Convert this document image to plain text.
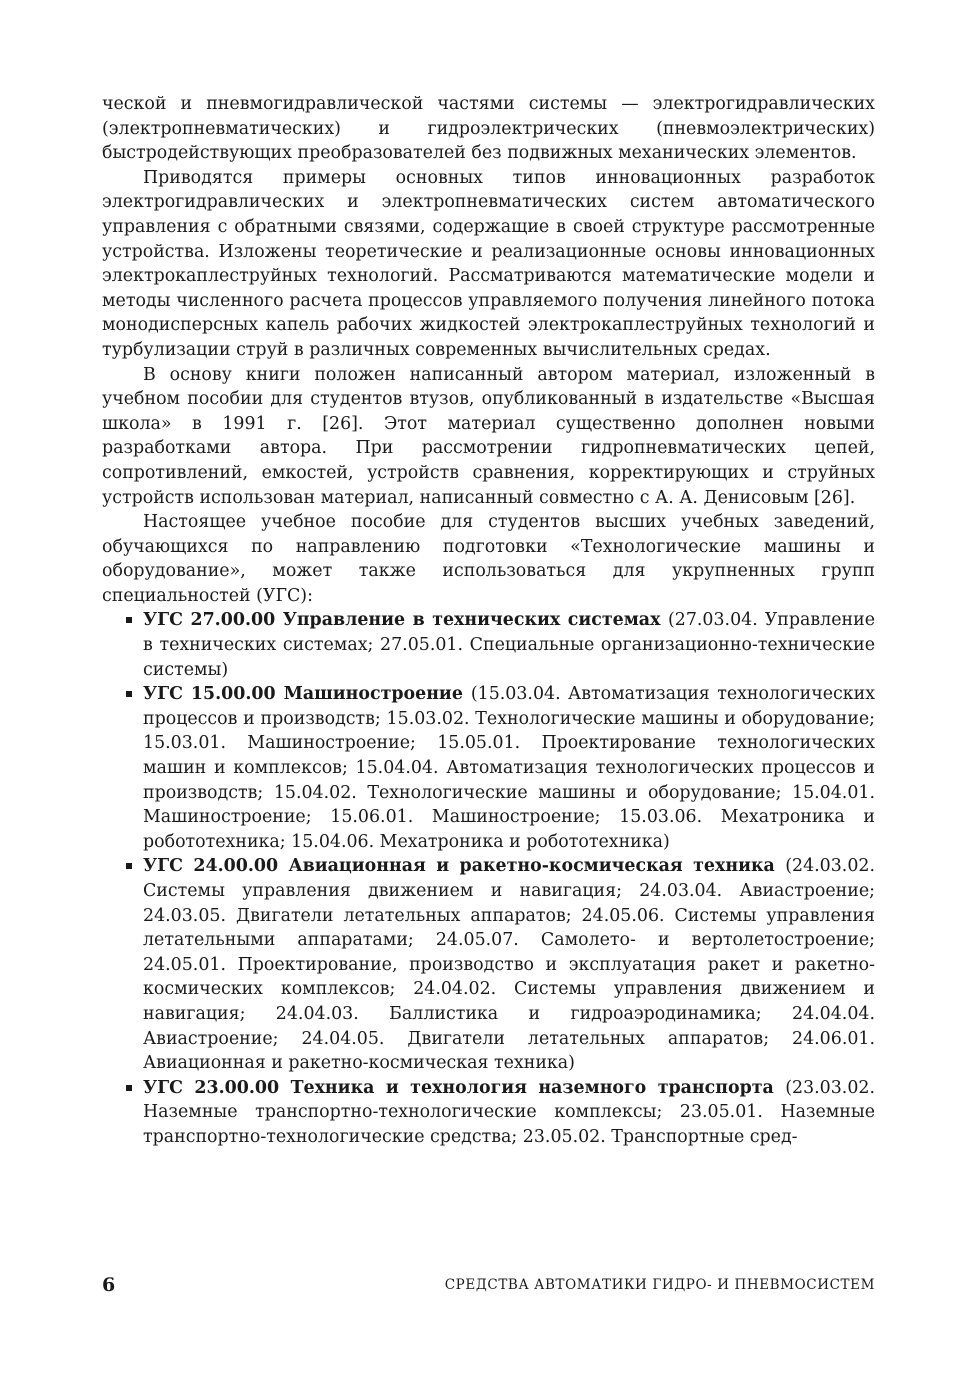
ческой и пневмогидравлической частями системы — электрогидравлических (электропневматических) и гидроэлектрических (пневмоэлектрических) быстродействующих преобразователей без подвижных механических элементов.

Приводятся примеры основных типов инновационных разработок электрогидравлических и электропневматических систем автоматического управления с обратными связями, содержащие в своей структуре рассмотренные устройства. Изложены теоретические и реализационные основы инновационных электрокаплеструйных технологий. Рассматриваются математические модели и методы численного расчета процессов управляемого получения линейного потока монодисперсных капель рабочих жидкостей электрокаплеструйных технологий и турбулизации струй в различных современных вычислительных средах.

В основу книги положен написанный автором материал, изложенный в учебном пособии для студентов втузов, опубликованный в издательстве «Высшая школа» в 1991 г. [26]. Этот материал существенно дополнен новыми разработками автора. При рассмотрении гидропневматических цепей, сопротивлений, емкостей, устройств сравнения, корректирующих и струйных устройств использован материал, написанный совместно с А. А. Денисовым [26].

Настоящее учебное пособие для студентов высших учебных заведений, обучающихся по направлению подготовки «Технологические машины и оборудование», может также использоваться для укрупненных групп специальностей (УГС):

УГС 27.00.00 Управление в технических системах (27.03.04. Управление в технических системах; 27.05.01. Специальные организационно-технические системы)
УГС 15.00.00 Машиностроение (15.03.04. Автоматизация технологических процессов и производств; 15.03.02. Технологические машины и оборудование; 15.03.01. Машиностроение; 15.05.01. Проектирование технологических машин и комплексов; 15.04.04. Автоматизация технологических процессов и производств; 15.04.02. Технологические машины и оборудование; 15.04.01. Машиностроение; 15.06.01. Машиностроение; 15.03.06. Мехатроника и робототехника; 15.04.06. Мехатроника и робототехника)
УГС 24.00.00 Авиационная и ракетно-космическая техника (24.03.02. Системы управления движением и навигация; 24.03.04. Авиастроение; 24.03.05. Двигатели летательных аппаратов; 24.05.06. Системы управления летательными аппаратами; 24.05.07. Самолето- и вертолетостроение; 24.05.01. Проектирование, производство и эксплуатация ракет и ракетно-космических комплексов; 24.04.02. Системы управления движением и навигация; 24.04.03. Баллистика и гидроаэродинамика; 24.04.04. Авиастроение; 24.04.05. Двигатели летательных аппаратов; 24.06.01. Авиационная и ракетно-космическая техника)
УГС 23.00.00 Техника и технология наземного транспорта (23.03.02. Наземные транспортно-технологические комплексы; 23.05.01. Наземные транспортно-технологические средства; 23.05.02. Транспортные сред-
6	СРЕДСТВА АВТОМАТИКИ ГИДРО- И ПНЕВМОСИСТЕМ
